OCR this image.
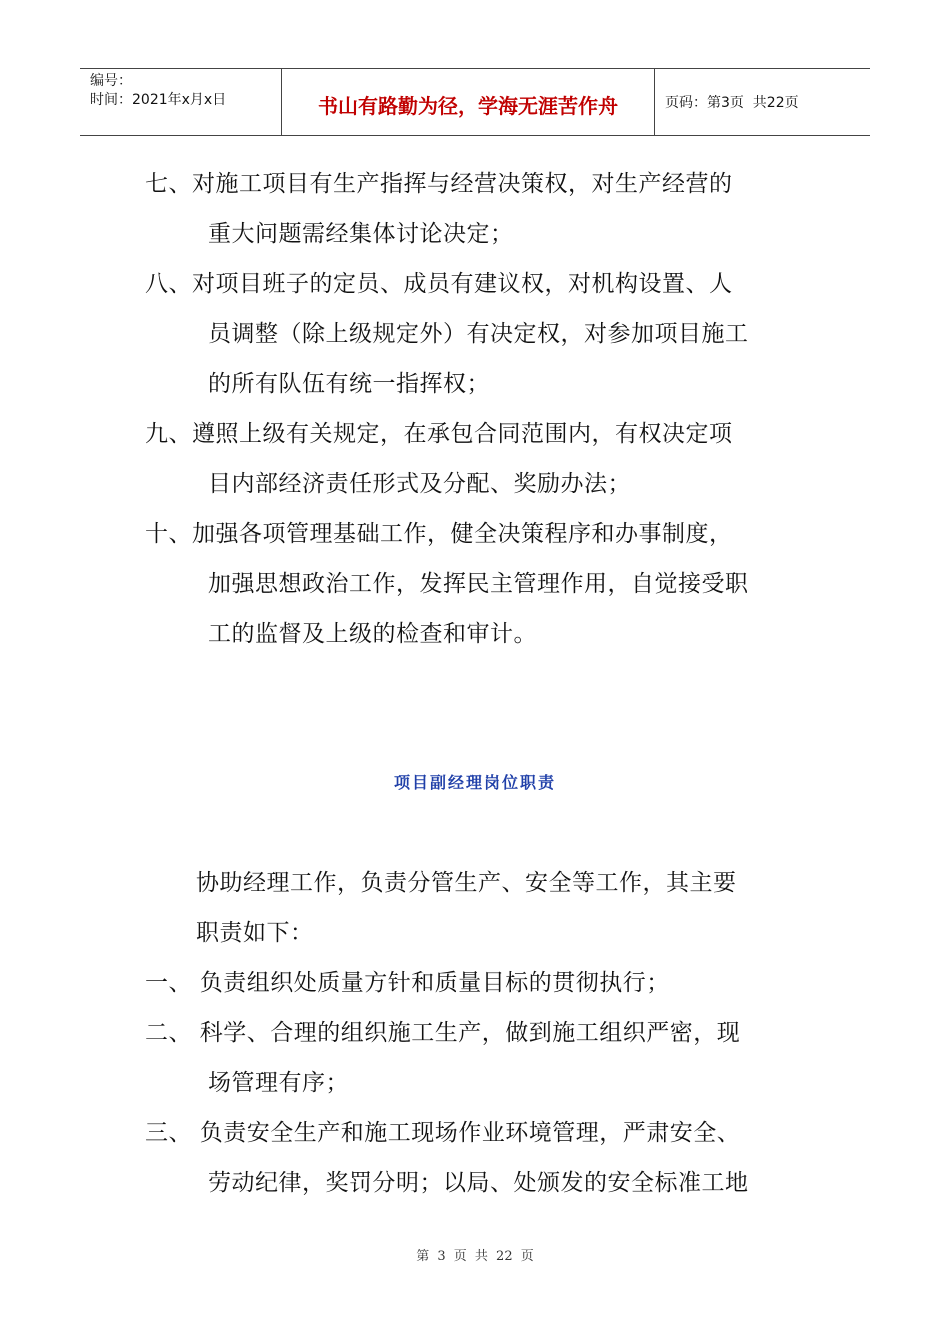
编号：
时间：2021年x月x日	书山有路勤为径，学海无涯苦作舟	页码：第3页  共22页
七、对施工项目有生产指挥与经营决策权，对生产经营的
重大问题需经集体讨论决定；
八、对项目班子的定员、成员有建议权，对机构设置、人
员调整（除上级规定外）有决定权，对参加项目施工
的所有队伍有统一指挥权；
九、遵照上级有关规定，在承包合同范围内，有权决定项
目内部经济责任形式及分配、奖励办法；
十、加强各项管理基础工作，健全决策程序和办事制度，
加强思想政治工作，发挥民主管理作用，自觉接受职
工的监督及上级的检查和审计。
项目副经理岗位职责
协助经理工作，负责分管生产、安全等工作，其主要
职责如下：
一、 负责组织处质量方针和质量目标的贯彻执行；
二、 科学、合理的组织施工生产，做到施工组织严密，现
场管理有序；
三、 负责安全生产和施工现场作业环境管理，严肃安全、
劳动纪律，奖罚分明；以局、处颁发的安全标准工地
第 3 页 共 22 页
